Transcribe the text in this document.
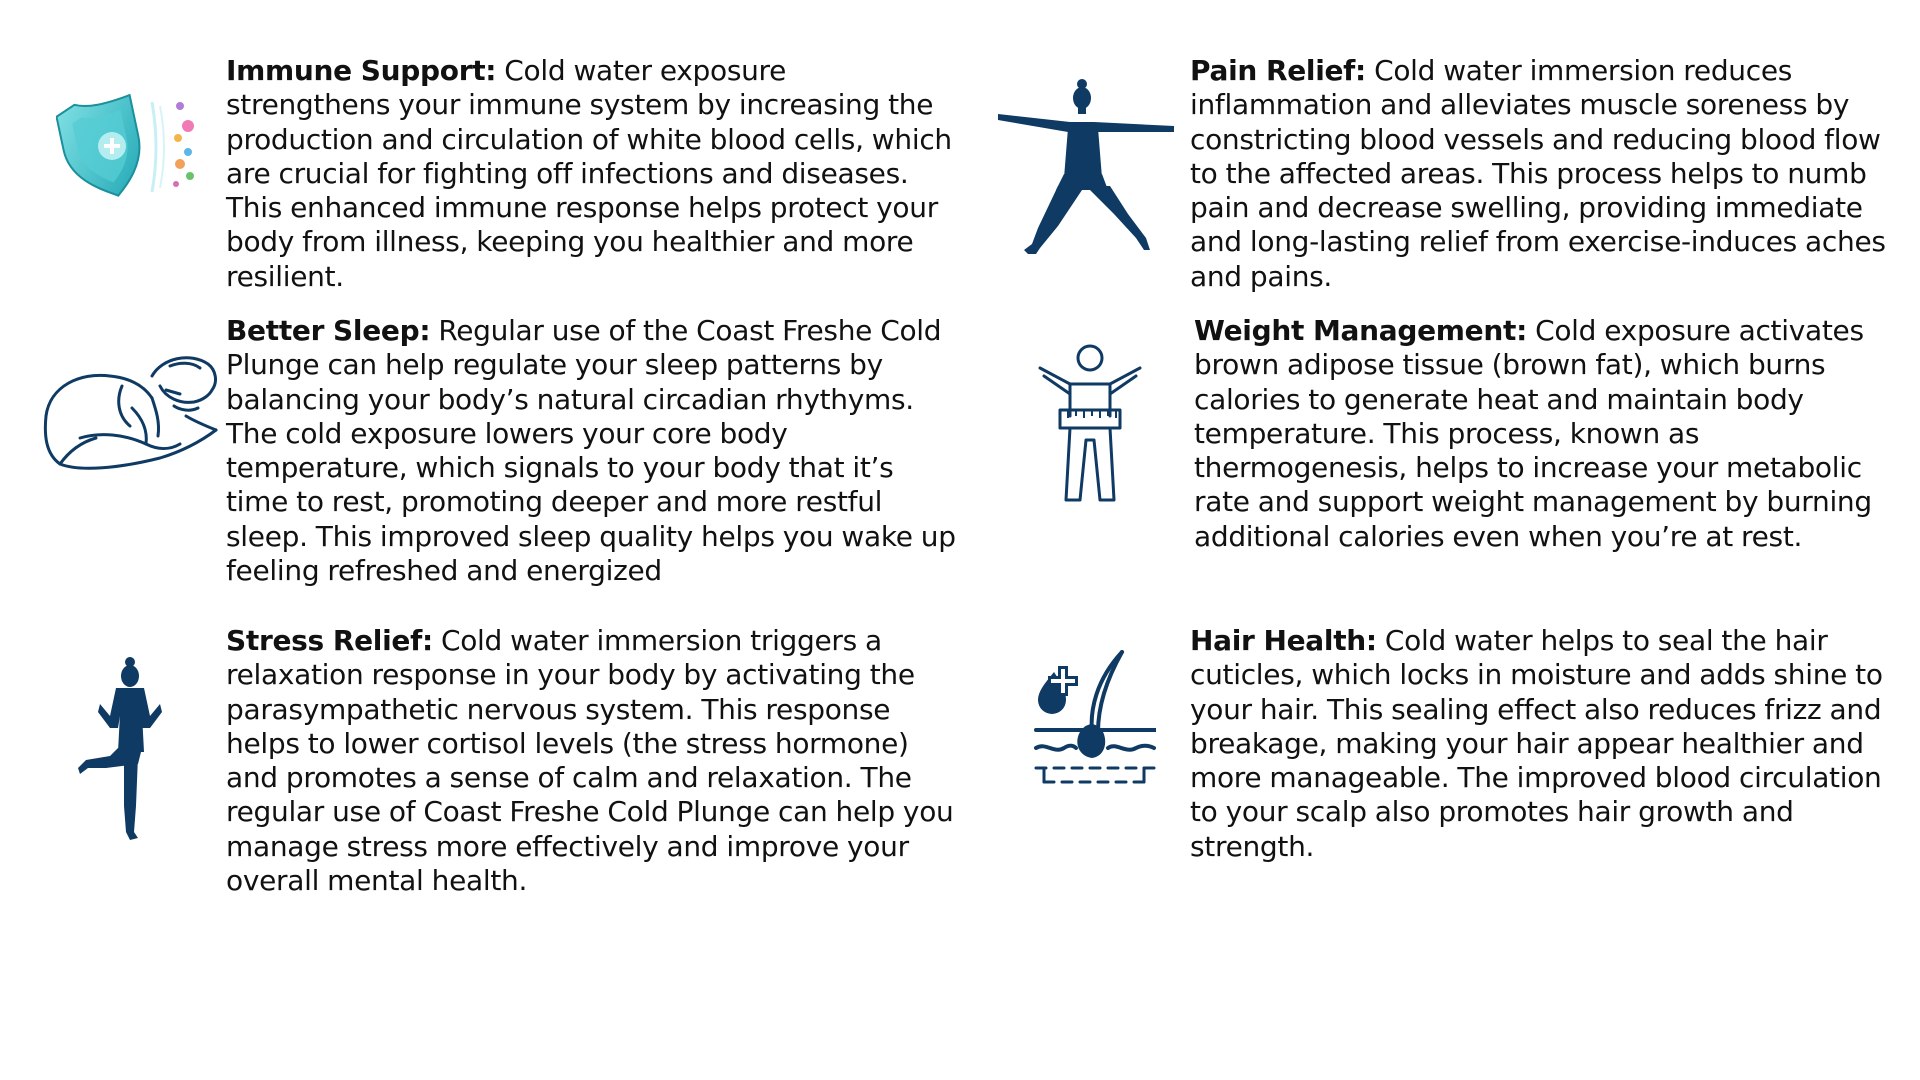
Immune Support: Cold water exposure strengthens your immune system by increasing the production and circulation of white blood cells, which are crucial for fighting off infections and diseases. This enhanced immune response helps protect your body from illness, keeping you healthier and more resilient.

Pain Relief: Cold water immersion reduces inflammation and alleviates muscle soreness by constricting blood vessels and reducing blood flow to the affected areas. This process helps to numb pain and decrease swelling, providing immediate and long-lasting relief from exercise-induces aches and pains.

Better Sleep: Regular use of the Coast Freshe Cold Plunge can help regulate your sleep patterns by balancing your body’s natural circadian rhythyms. The cold exposure lowers your core body temperature, which signals to your body that it’s time to rest, promoting deeper and more restful sleep. This improved sleep quality helps you wake up feeling refreshed and energized

Weight Management: Cold exposure activates brown adipose tissue (brown fat), which burns calories to generate heat and maintain body temperature. This process, known as thermogenesis, helps to increase your metabolic rate and support weight management by burning additional calories even when you’re at rest.

Stress Relief: Cold water immersion triggers a relaxation response in your body by activating the parasympathetic nervous system. This response helps to lower cortisol levels (the stress hormone) and promotes a sense of calm and relaxation. The regular use of Coast Freshe Cold Plunge can help you manage stress more effectively and improve your overall mental health.

Hair Health: Cold water helps to seal the hair cuticles, which locks in moisture and adds shine to your hair. This sealing effect also reduces frizz and breakage, making your hair appear healthier and more manageable. The improved blood circulation to your scalp also promotes hair growth and strength.
